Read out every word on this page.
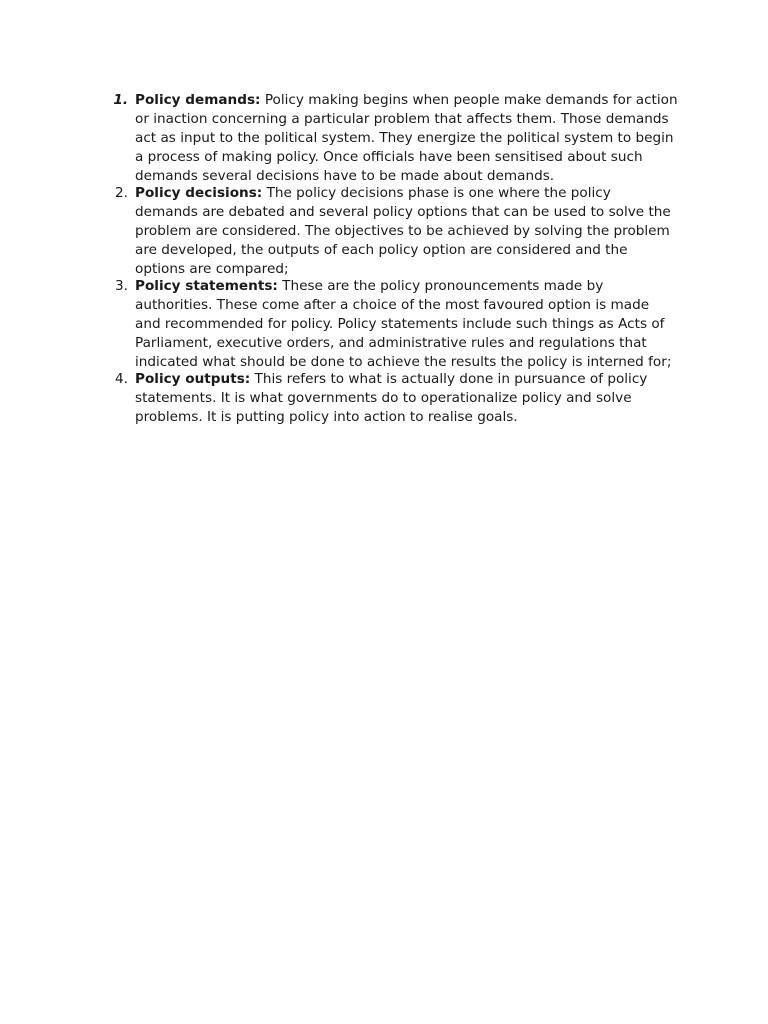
1. Policy demands: Policy making begins when people make demands for action or inaction concerning a particular problem that affects them. Those demands act as input to the political system. They energize the political system to begin a process of making policy. Once officials have been sensitised about such demands several decisions have to be made about demands.
2. Policy decisions: The policy decisions phase is one where the policy demands are debated and several policy options that can be used to solve the problem are considered. The objectives to be achieved by solving the problem are developed, the outputs of each policy option are considered and the options are compared;
3. Policy statements: These are the policy pronouncements made by authorities. These come after a choice of the most favoured option is made and recommended for policy. Policy statements include such things as Acts of Parliament, executive orders, and administrative rules and regulations that indicated what should be done to achieve the results the policy is interned for;
4. Policy outputs: This refers to what is actually done in pursuance of policy statements. It is what governments do to operationalize policy and solve problems. It is putting policy into action to realise goals.
